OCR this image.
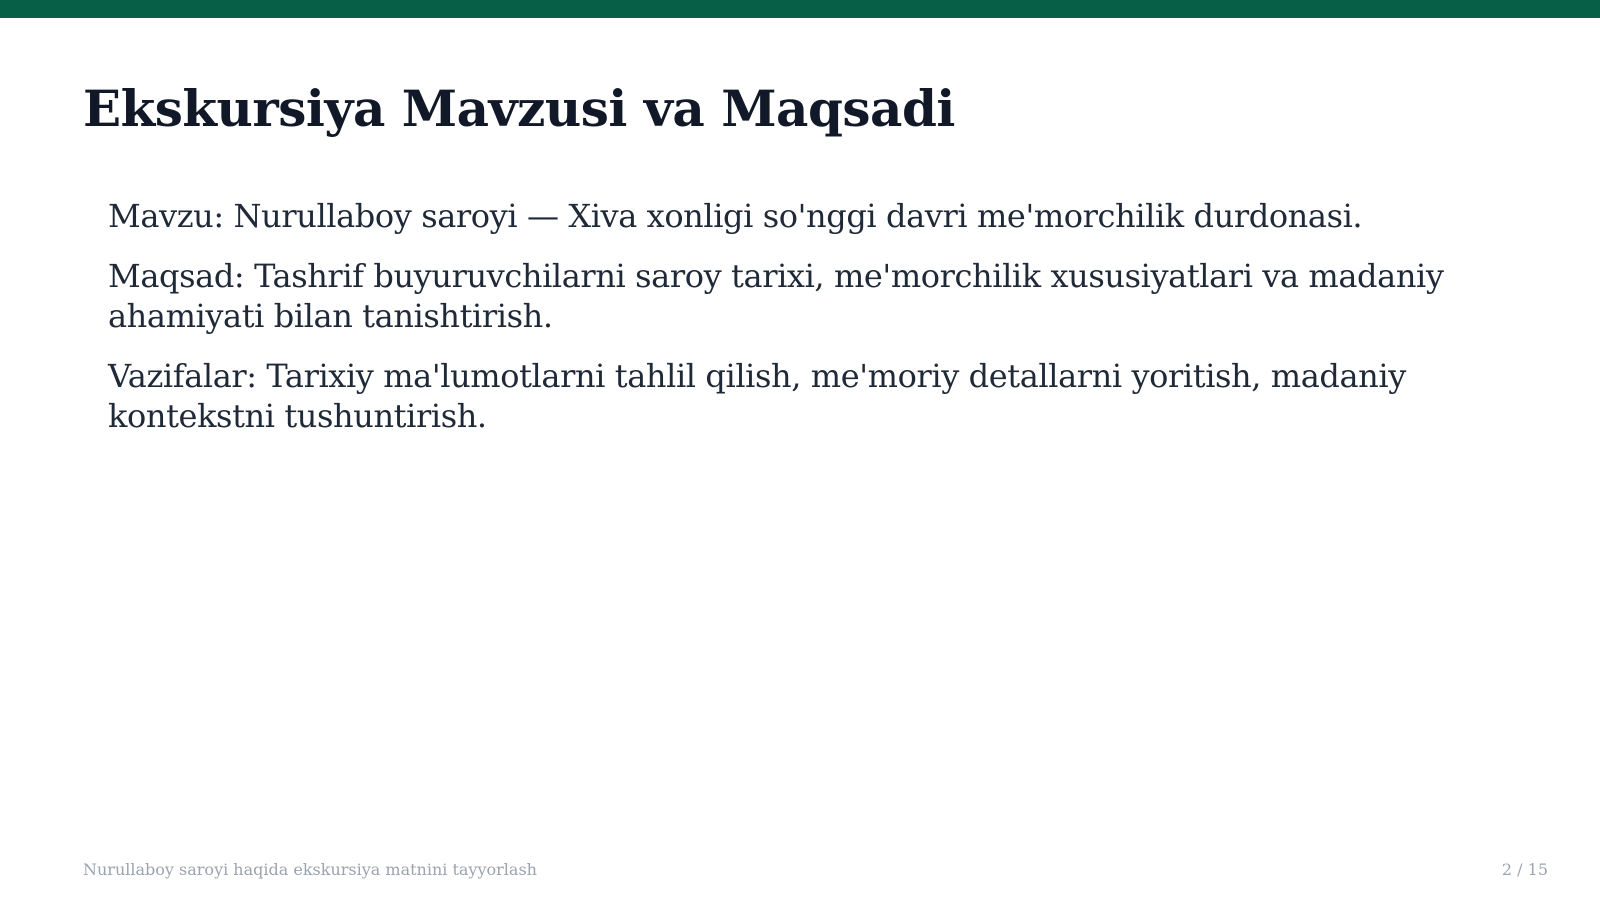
Ekskursiya Mavzusi va Maqsadi
Mavzu: Nurullaboy saroyi — Xiva xonligi so'nggi davri me'morchilik durdonasi.
Maqsad: Tashrif buyuruvchilarni saroy tarixi, me'morchilik xususiyatlari va madaniy ahamiyati bilan tanishtirish.
Vazifalar: Tarixiy ma'lumotlarni tahlil qilish, me'moriy detallarni yoritish, madaniy kontekstni tushuntirish.
Nurullaboy saroyi haqida ekskursiya matnini tayyorlash	2 / 15
